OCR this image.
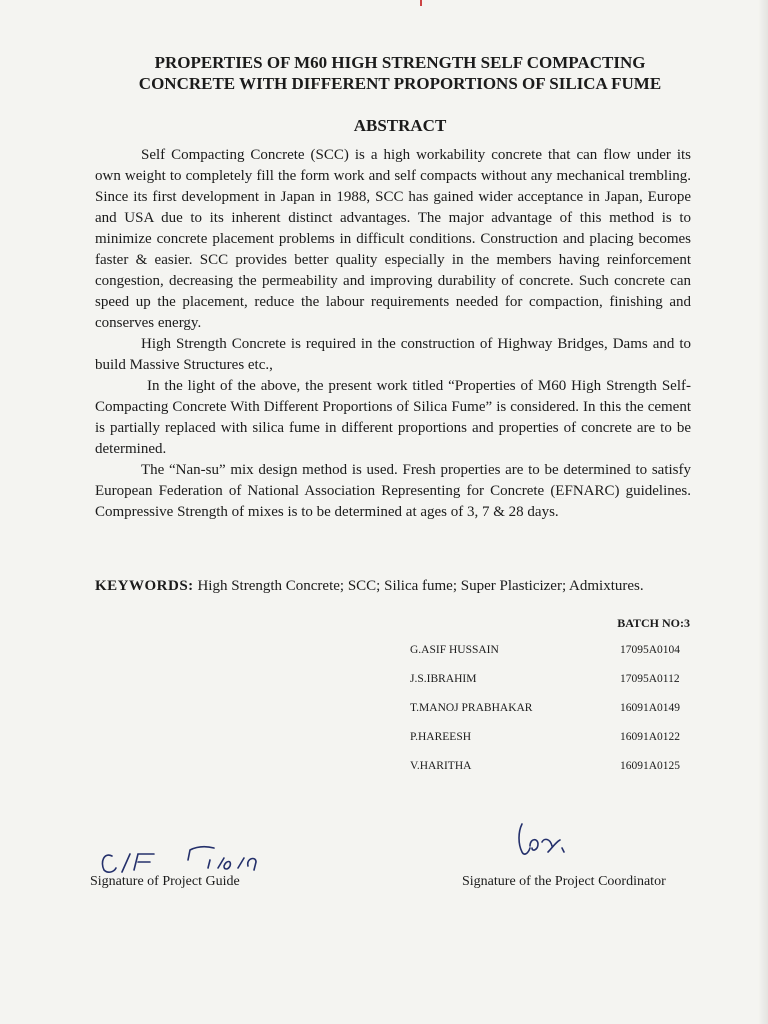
PROPERTIES OF M60 HIGH STRENGTH SELF COMPACTING
CONCRETE WITH DIFFERENT PROPORTIONS OF SILICA FUME
ABSTRACT

Self Compacting Concrete (SCC) is a high workability concrete that can flow under its own weight to completely fill the form work and self compacts without any mechanical trembling. Since its first development in Japan in 1988, SCC has gained wider acceptance in Japan, Europe and USA due to its inherent distinct advantages. The major advantage of this method is to minimize concrete placement problems in difficult conditions. Construction and placing becomes faster & easier. SCC provides better quality especially in the members having reinforcement congestion, decreasing the permeability and improving durability of concrete. Such concrete can speed up the placement, reduce the labour requirements needed for compaction, finishing and conserves energy.

High Strength Concrete is required in the construction of Highway Bridges, Dams and to build Massive Structures etc.,

In the light of the above, the present work titled “Properties of M60 High Strength Self-Compacting Concrete With Different Proportions of Silica Fume” is considered. In this the cement is partially replaced with silica fume in different proportions and properties of concrete are to be determined.

The “Nan-su” mix design method is used. Fresh properties are to be determined to satisfy European Federation of National Association Representing for Concrete (EFNARC) guidelines. Compressive Strength of mixes is to be determined at ages of 3, 7 & 28 days.

KEYWORDS: High Strength Concrete; SCC; Silica fume; Super Plasticizer; Admixtures.

BATCH NO:3
G.ASIF HUSSAIN	17095A0104
J.S.IBRAHIM	17095A0112
T.MANOJ PRABHAKAR	16091A0149
P.HAREESH	16091A0122
V.HARITHA	16091A0125
Signature of Project Guide	Signature of the Project Coordinator
